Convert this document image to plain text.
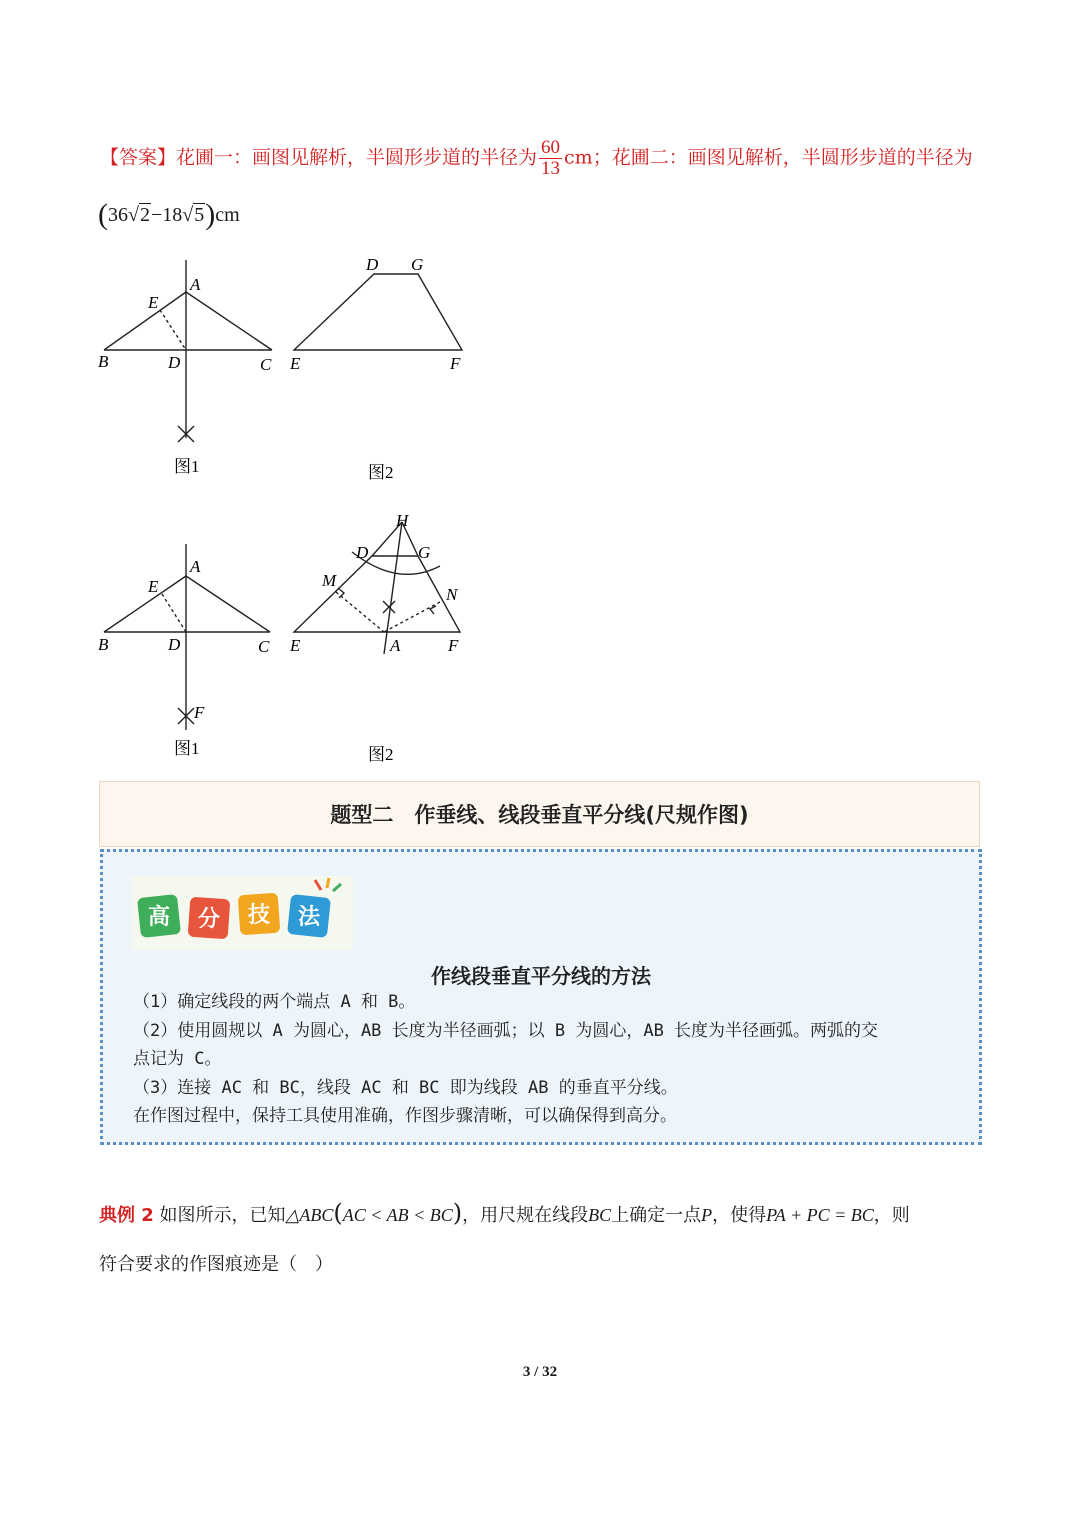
【答案】花圃一：画图见解析，半圆形步道的半径为 $\frac{60}{13}$ cm；花圃二：画图见解析，半圆形步道的半径为
(36√2−18√5)cm
A
E
B	D	C
图1
D G
E	F
图2
A
E
B	D	C
F
图1
H
D	G
M
N
E	A	F
图2
题型二　作垂线、线段垂直平分线(尺规作图)
高 分 技 法
作线段垂直平分线的方法

（1）确定线段的两个端点 A 和 B。

（2）使用圆规以 A 为圆心，AB 长度为半径画弧；以 B 为圆心，AB 长度为半径画弧。两弧的交

点记为 C。

（3）连接 AC 和 BC，线段 AC 和 BC 即为线段 AB 的垂直平分线。

在作图过程中，保持工具使用准确，作图步骤清晰，可以确保得到高分。

典例 2 如图所示，已知△ABC(AC < AB < BC)，用尺规在线段BC上确定一点P，使得PA + PC = BC，则
符合要求的作图痕迹是（　）
3 / 32
